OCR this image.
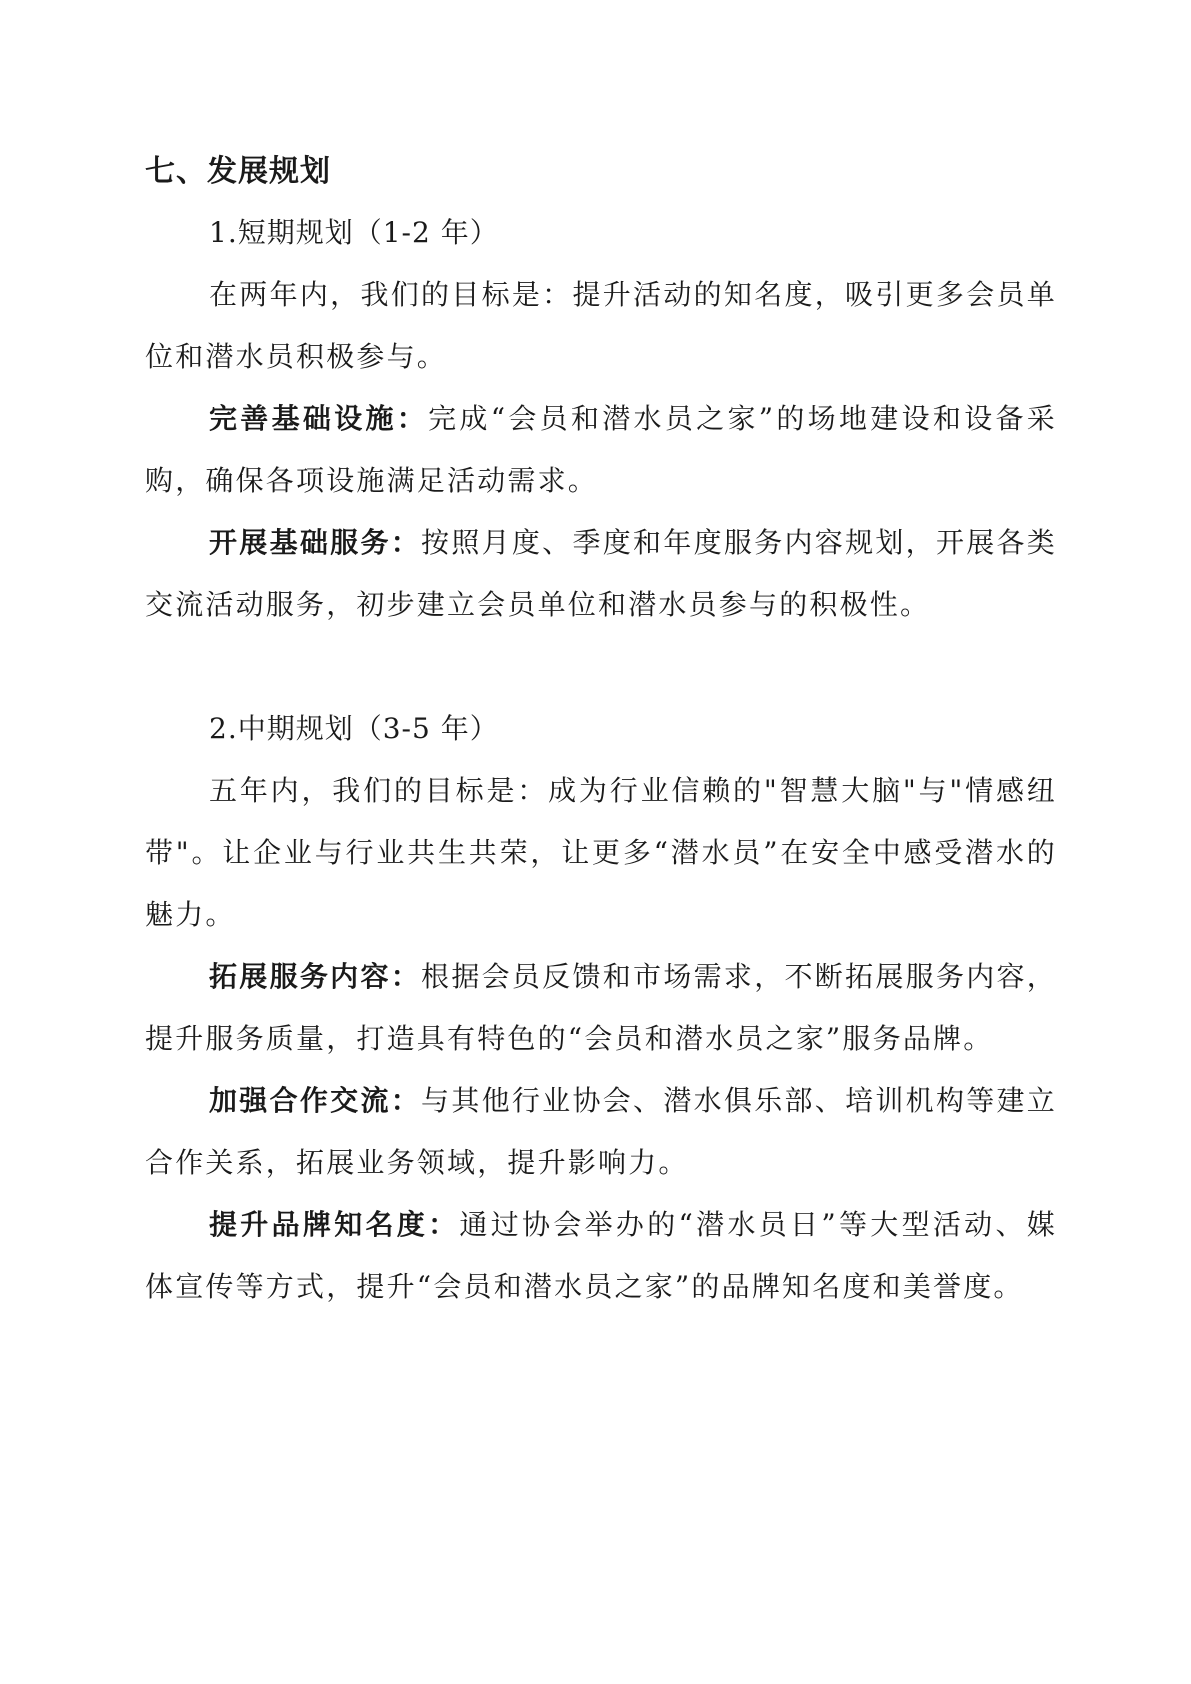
七、发展规划

1.短期规划（1-2 年）

在两年内，我们的目标是：提升活动的知名度，吸引更多会员单位和潜水员积极参与。

完善基础设施：完成“会员和潜水员之家”的场地建设和设备采购，确保各项设施满足活动需求。

开展基础服务：按照月度、季度和年度服务内容规划，开展各类交流活动服务，初步建立会员单位和潜水员参与的积极性。

2.中期规划（3-5 年）

五年内，我们的目标是：成为行业信赖的"智慧大脑"与"情感纽带"。让企业与行业共生共荣，让更多“潜水员”在安全中感受潜水的魅力。

拓展服务内容：根据会员反馈和市场需求，不断拓展服务内容，提升服务质量，打造具有特色的“会员和潜水员之家”服务品牌。

加强合作交流：与其他行业协会、潜水俱乐部、培训机构等建立合作关系，拓展业务领域，提升影响力。

提升品牌知名度：通过协会举办的“潜水员日”等大型活动、媒体宣传等方式，提升“会员和潜水员之家”的品牌知名度和美誉度。
